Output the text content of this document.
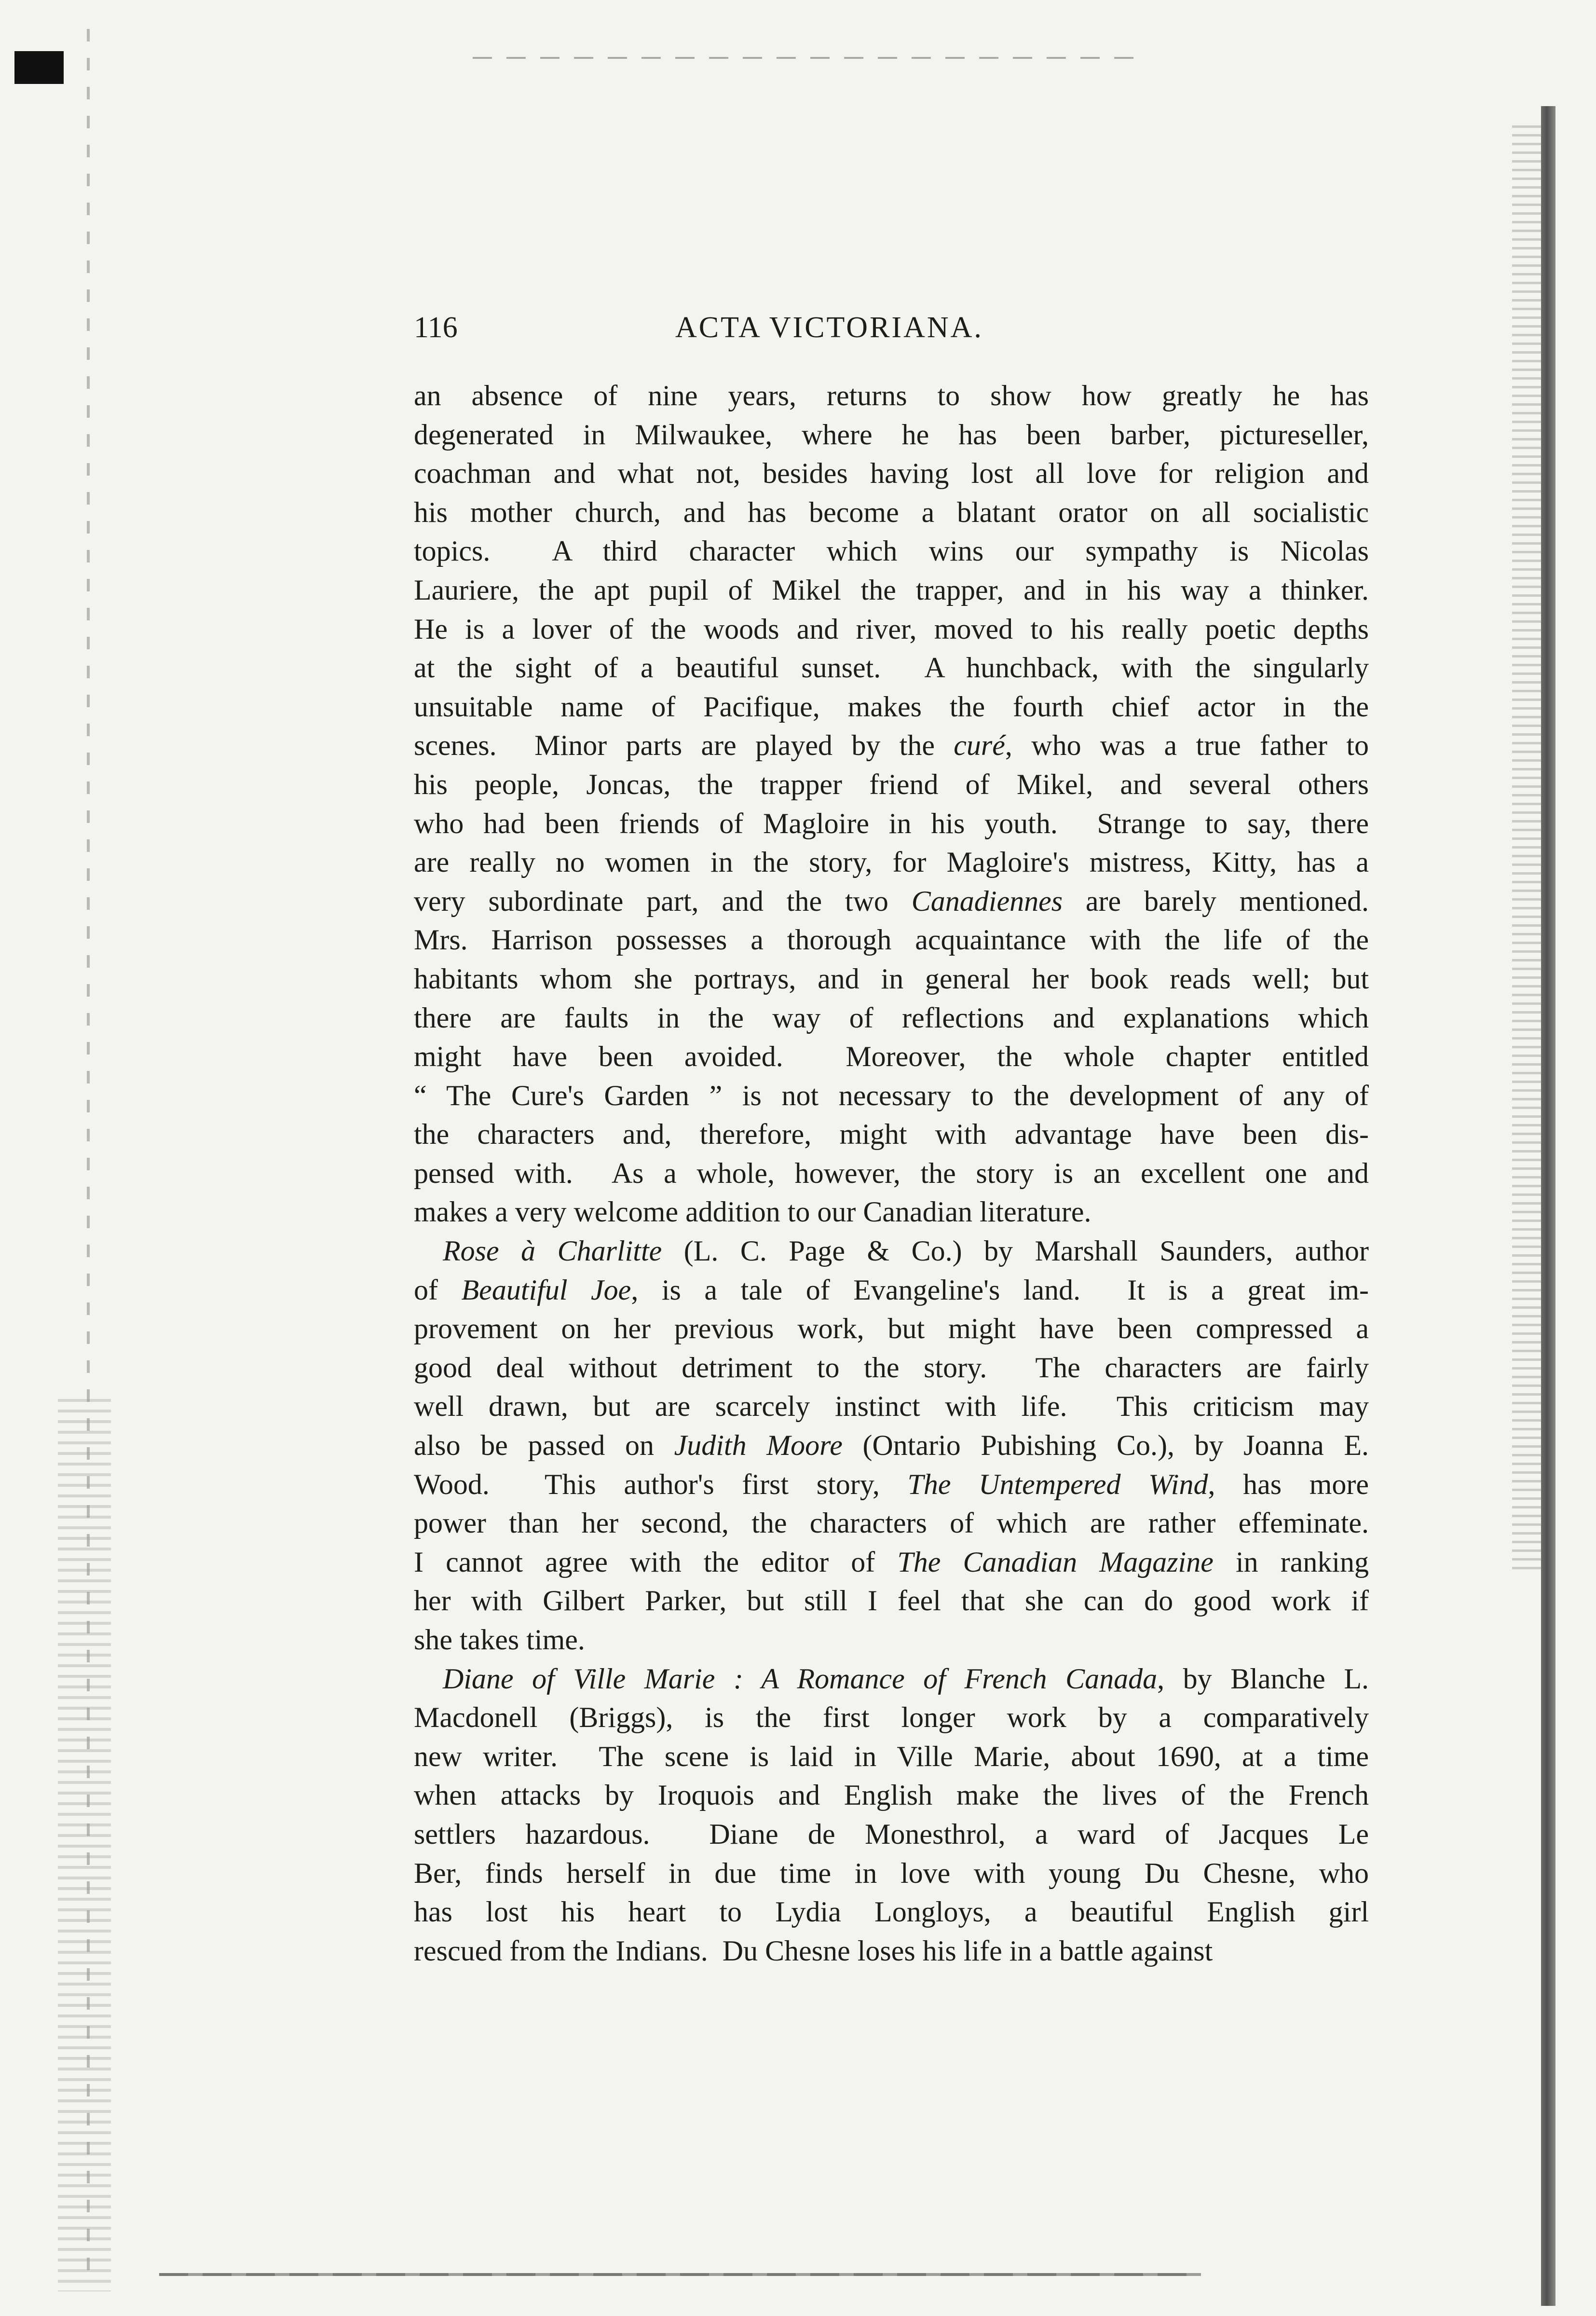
116	ACTA VICTORIANA.
an absence of nine years, returns to show how greatly he has
degenerated in Milwaukee, where he has been barber, pictureseller,
coachman and what not, besides having lost all love for religion and
his mother church, and has become a blatant orator on all socialistic
topics.  A third character which wins our sympathy is Nicolas
Lauriere, the apt pupil of Mikel the trapper, and in his way a thinker.
He is a lover of the woods and river, moved to his really poetic depths
at the sight of a beautiful sunset.  A hunchback, with the singularly
unsuitable name of Pacifique, makes the fourth chief actor in the
scenes.  Minor parts are played by the curé, who was a true father to
his people, Joncas, the trapper friend of Mikel, and several others
who had been friends of Magloire in his youth.  Strange to say, there
are really no women in the story, for Magloire's mistress, Kitty, has a
very subordinate part, and the two Canadiennes are barely mentioned.
Mrs. Harrison possesses a thorough acquaintance with the life of the
habitants whom she portrays, and in general her book reads well; but
there are faults in the way of reflections and explanations which
might have been avoided.  Moreover, the whole chapter entitled
“ The Cure's Garden ” is not necessary to the development of any of
the characters and, therefore, might with advantage have been dis-
pensed with.  As a whole, however, the story is an excellent one and
makes a very welcome addition to our Canadian literature.
Rose à Charlitte (L. C. Page & Co.) by Marshall Saunders, author
of Beautiful Joe, is a tale of Evangeline's land.  It is a great im-
provement on her previous work, but might have been compressed a
good deal without detriment to the story.  The characters are fairly
well drawn, but are scarcely instinct with life.  This criticism may
also be passed on Judith Moore (Ontario Pubishing Co.), by Joanna E.
Wood.  This author's first story, The Untempered Wind, has more
power than her second, the characters of which are rather effeminate.
I cannot agree with the editor of The Canadian Magazine in ranking
her with Gilbert Parker, but still I feel that she can do good work if
she takes time.
Diane of Ville Marie : A Romance of French Canada, by Blanche L.
Macdonell (Briggs), is the first longer work by a comparatively
new writer.  The scene is laid in Ville Marie, about 1690, at a time
when attacks by Iroquois and English make the lives of the French
settlers hazardous.  Diane de Monesthrol, a ward of Jacques Le
Ber, finds herself in due time in love with young Du Chesne, who
has lost his heart to Lydia Longloys, a beautiful English girl
rescued from the Indians.  Du Chesne loses his life in a battle against
